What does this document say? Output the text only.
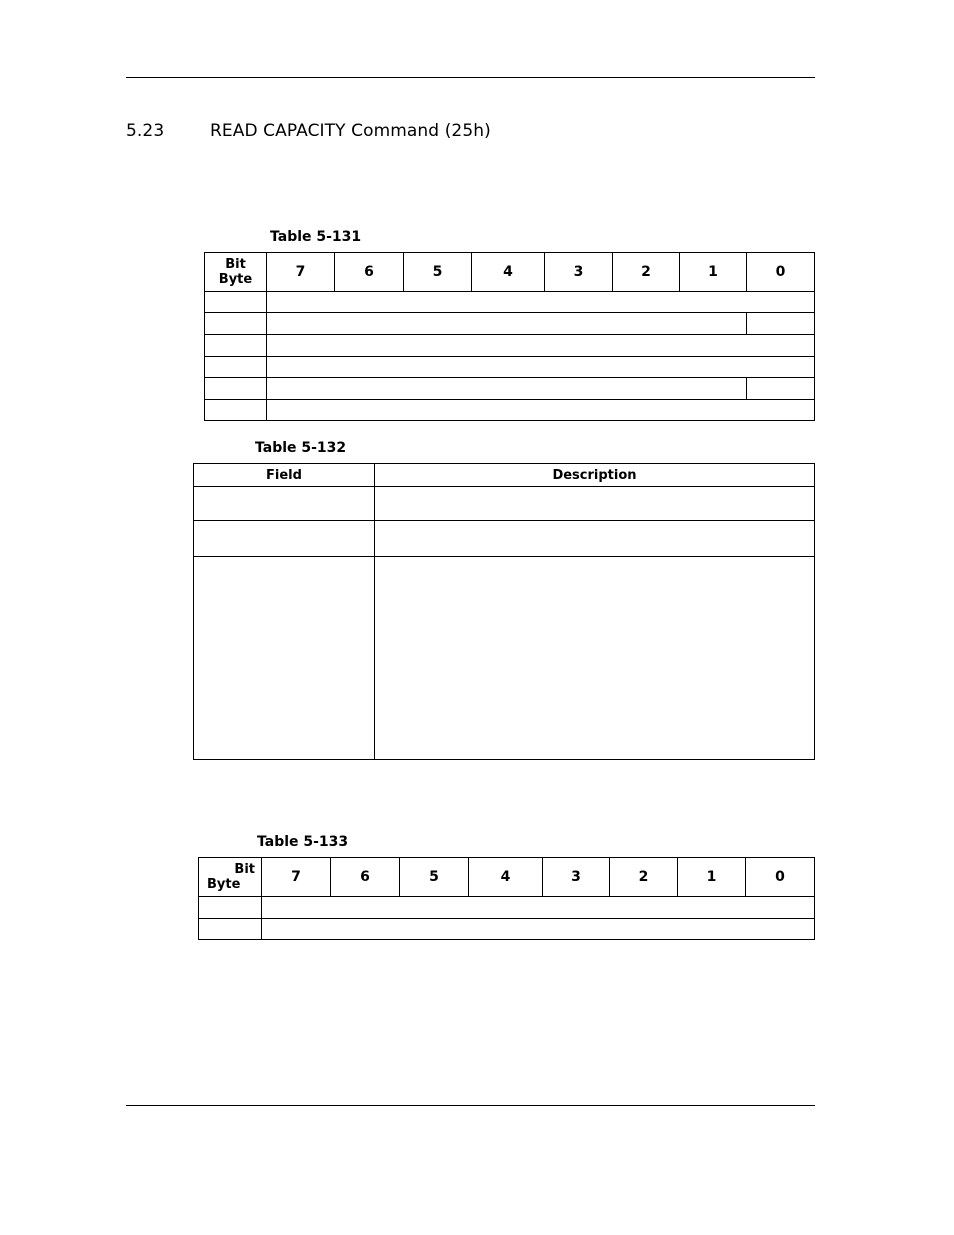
5.23	READ CAPACITY Command (25h)
Table 5-131
Bit
Byte	7	6	5	4	3	2	1	0

Table 5-132
Field	Description

Table 5-133
Bit
Byte	7	6	5	4	3	2	1	0
